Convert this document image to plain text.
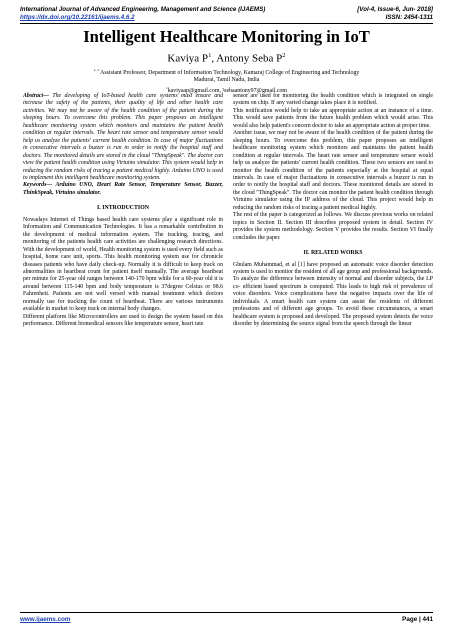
International Journal of Advanced Engineering, Management and Science (IJAEMS)	[Vol-4, Issue-6, Jun- 2018]
https://dx.doi.org/10.22161/ijaems.4.6.2	ISSN: 2454-1311
Intelligent Healthcare Monitoring in IoT
Kaviya $P^1$, Antony Seba $P^2$
$^{1, 2}$ Assistant Professor, Department of Information Technology, Kamaraj College of Engineering and Technology
Madurai, Tamil Nadu, India
$^1$kaviyaap@gmail.com, ²sebaantony97@gmail.com

Abstract— The developing of IoT-based health care systems must ensure and increase the safety of the patients, their quality of life and other health care activities. We may not be aware of the health condition of the patient during the sleeping hours. To overcome this problem. This paper proposes an intelligent healthcare monitoring system which monitors and maintains the patient health condition at regular intervals. The heart rate sensor and temperature sensor would help us analyze the patients' current health condition. In case of major fluctuations in consecutive intervals a buzzer is run in order to notify the hospital staff and doctors. The monitored details are stored in the cloud "ThingSpeak". The doctor can view the patient health condition using Virtuino simulator. This system would help in reducing the random risks of tracing a patient medical highly. Arduino UNO is used to implement this intelligent healthcare monitoring system.

Keywords— Arduino UNO, Heart Rate Sensor, Temperature Sensor, Buzzer, ThinkSpeak, Virtuino simulator.

I. INTRODUCTION

Nowadays Internet of Things based health care systems play a significant role in Information and Communication Technologies. It has a remarkable contribution in the development of medical information system. The tracking, tracing, and monitoring of the patients health care activities are challenging research directions. With the development of world, Health monitoring system is used every field such as hospital, home care unit, sports. This health monitoring system use for chronicle diseases patients who have daily check-up. Normally it is difficult to keep track on abnormalities in heartbeat count for patient itself manually. The average heartbeat per minute for 25-year old ranges between 140-170 bpm while for a 60-year old it is around between 115-140 bpm and body temperature is 37degree Celsius or 98.6 Fahrenheit. Patients are not well versed with manual treatment which doctors normally use for tracking the count of heartbeat. There are various instruments available in market to keep track on internal body changes.

Different platform like Microcontrollers are used to design the system based on this performance. Different biomedical sensors like temperature sensor, heart rate

sensor are used for monitoring the health condition which is integrated on single system on chip. If any varied change takes place it is notified.

This notification would help to take an appropriate action at an instance of a time. This would save patients from the future health problem which would arise. This would also help patient's concern doctor to take an appropriate action at proper time.

Another issue, we may not be aware of the health condition of the patient during the sleeping hours. To overcome this problem, this paper proposes an intelligent healthcare monitoring system which monitors and maintains the patient health condition at regular intervals. The heart rate sensor and temperature sensor would help us analyze the patients' current health condition. These two sensors are used to monitor the health condition of the patients especially at the hospital at equal intervals. In case of major fluctuations in consecutive intervals a buzzer is run in order to notify the hospital staff and doctors. These monitored details are stored in the cloud "ThingSpeak". The doctor can monitor the patient health condition through Virtuino simulator using the IP address of the cloud. This project would help in reducing the random risks of tracing a patient medical highly.

The rest of the paper is categorized as follows. We discuss previous works on related topics in Section II. Section III describes proposed system in detail. Section IV provides the system methodology. Section V provides the results. Section VI finally concludes the paper.

II. RELATED WORKS

Ghulam Muhammad, et al [1] have proposed an automatic voice disorder detection system is used to monitor the resident of all age group and professional backgrounds. To analyze the difference between intensity of normal and disorder subjects, the LP co- efficient based spectrum is computed. This leads to high risk of prevalence of voice disorders. Voice complications have the negative impacts over the life of individuals. A smart health care system can assist the residents of different professions and of different age groups. To avoid these circumstances, a smart healthcare system is proposed and developed. The proposed system detects the voice disorder by determining the source signal from the speech through the linear

www.ijaems.com	Page | 441
